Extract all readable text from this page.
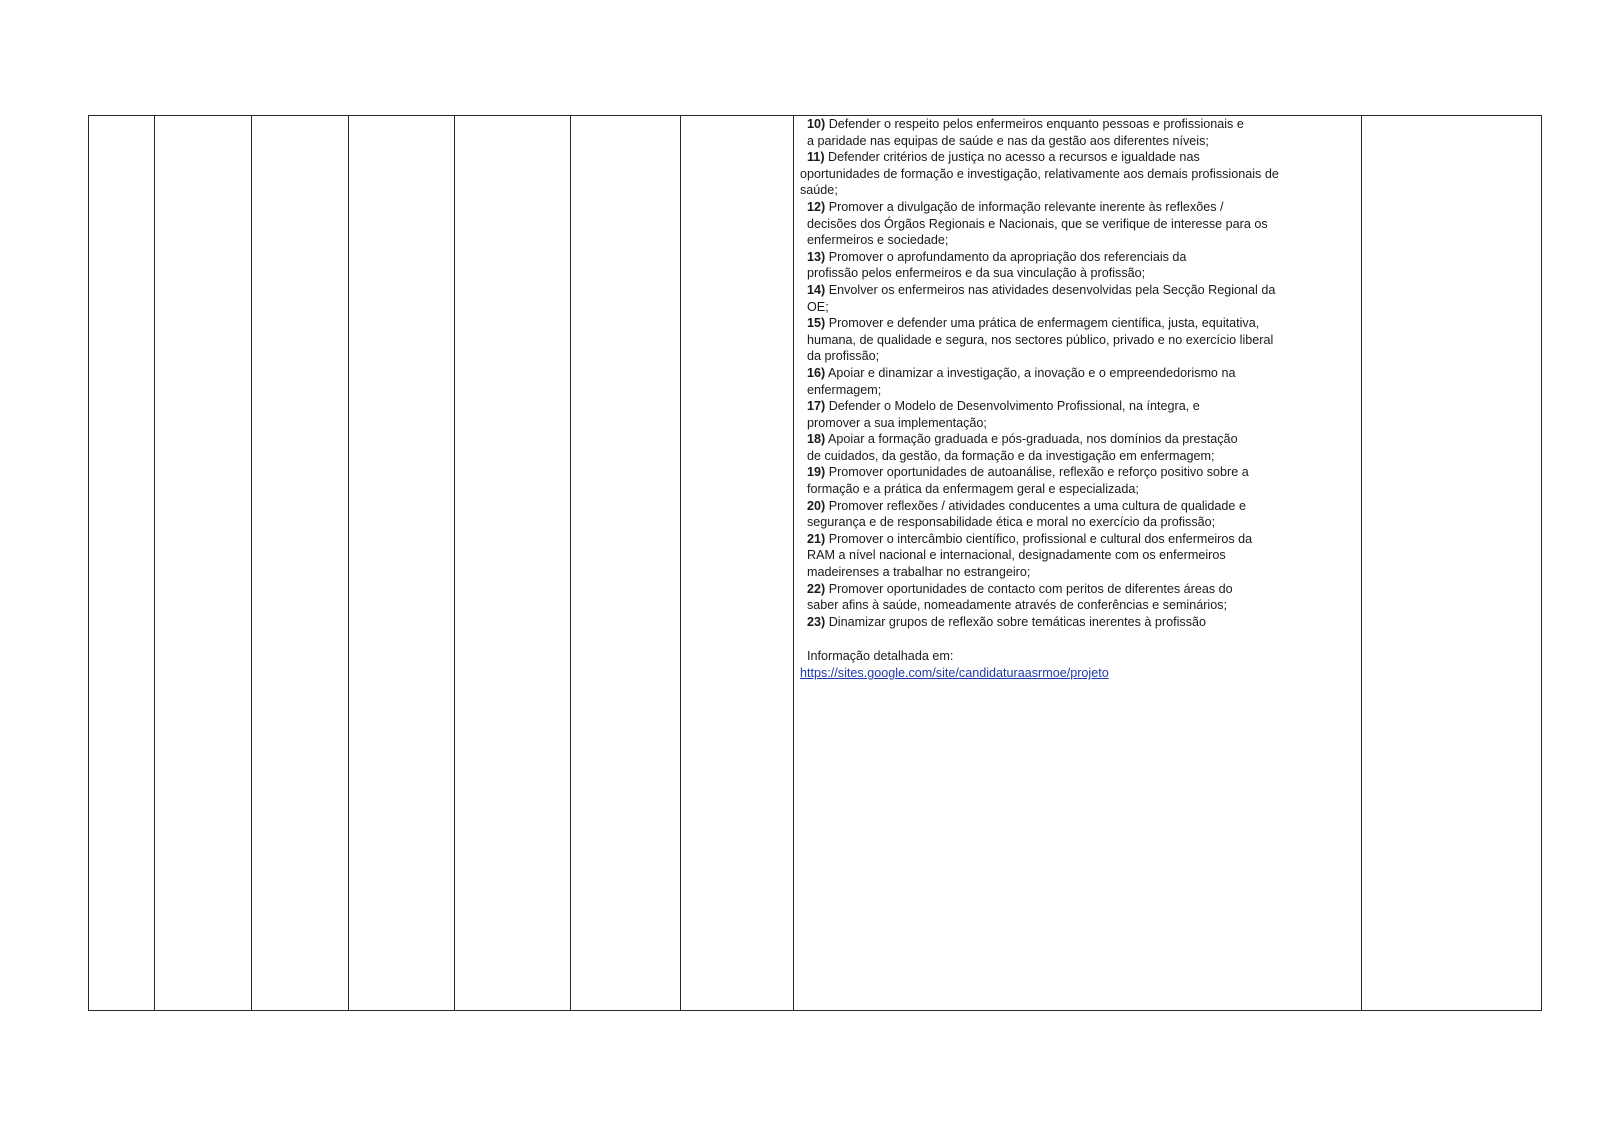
10) Defender o respeito pelos enfermeiros enquanto pessoas e profissionais e
a paridade nas equipas de saúde e nas da gestão aos diferentes níveis;
11) Defender critérios de justiça no acesso a recursos e igualdade nas
oportunidades de formação e investigação, relativamente aos demais profissionais de
saúde;
12) Promover a divulgação de informação relevante inerente às reflexões /
decisões dos Órgãos Regionais e Nacionais, que se verifique de interesse para os
enfermeiros e sociedade;
13) Promover o aprofundamento da apropriação dos referenciais da
profissão pelos enfermeiros e da sua vinculação à profissão;
14) Envolver os enfermeiros nas atividades desenvolvidas pela Secção Regional da
OE;
15) Promover e defender uma prática de enfermagem científica, justa, equitativa,
humana, de qualidade e segura, nos sectores público, privado e no exercício liberal
da profissão;
16) Apoiar e dinamizar a investigação, a inovação e o empreendedorismo na
enfermagem;
17) Defender o Modelo de Desenvolvimento Profissional, na íntegra, e
promover a sua implementação;
18) Apoiar a formação graduada e pós-graduada, nos domínios da prestação
de cuidados, da gestão, da formação e da investigação em enfermagem;
19) Promover oportunidades de autoanálise, reflexão e reforço positivo sobre a
formação e a prática da enfermagem geral e especializada;
20) Promover reflexões / atividades conducentes a uma cultura de qualidade e
segurança e de responsabilidade ética e moral no exercício da profissão;
21) Promover o intercâmbio científico, profissional e cultural dos enfermeiros da
RAM a nível nacional e internacional, designadamente com os enfermeiros
madeirenses a trabalhar no estrangeiro;
22) Promover oportunidades de contacto com peritos de diferentes áreas do
saber afins à saúde, nomeadamente através de conferências e seminários;
23) Dinamizar grupos de reflexão sobre temáticas inerentes à profissão
Informação detalhada em:
https://sites.google.com/site/candidaturaasrmoe/projeto
